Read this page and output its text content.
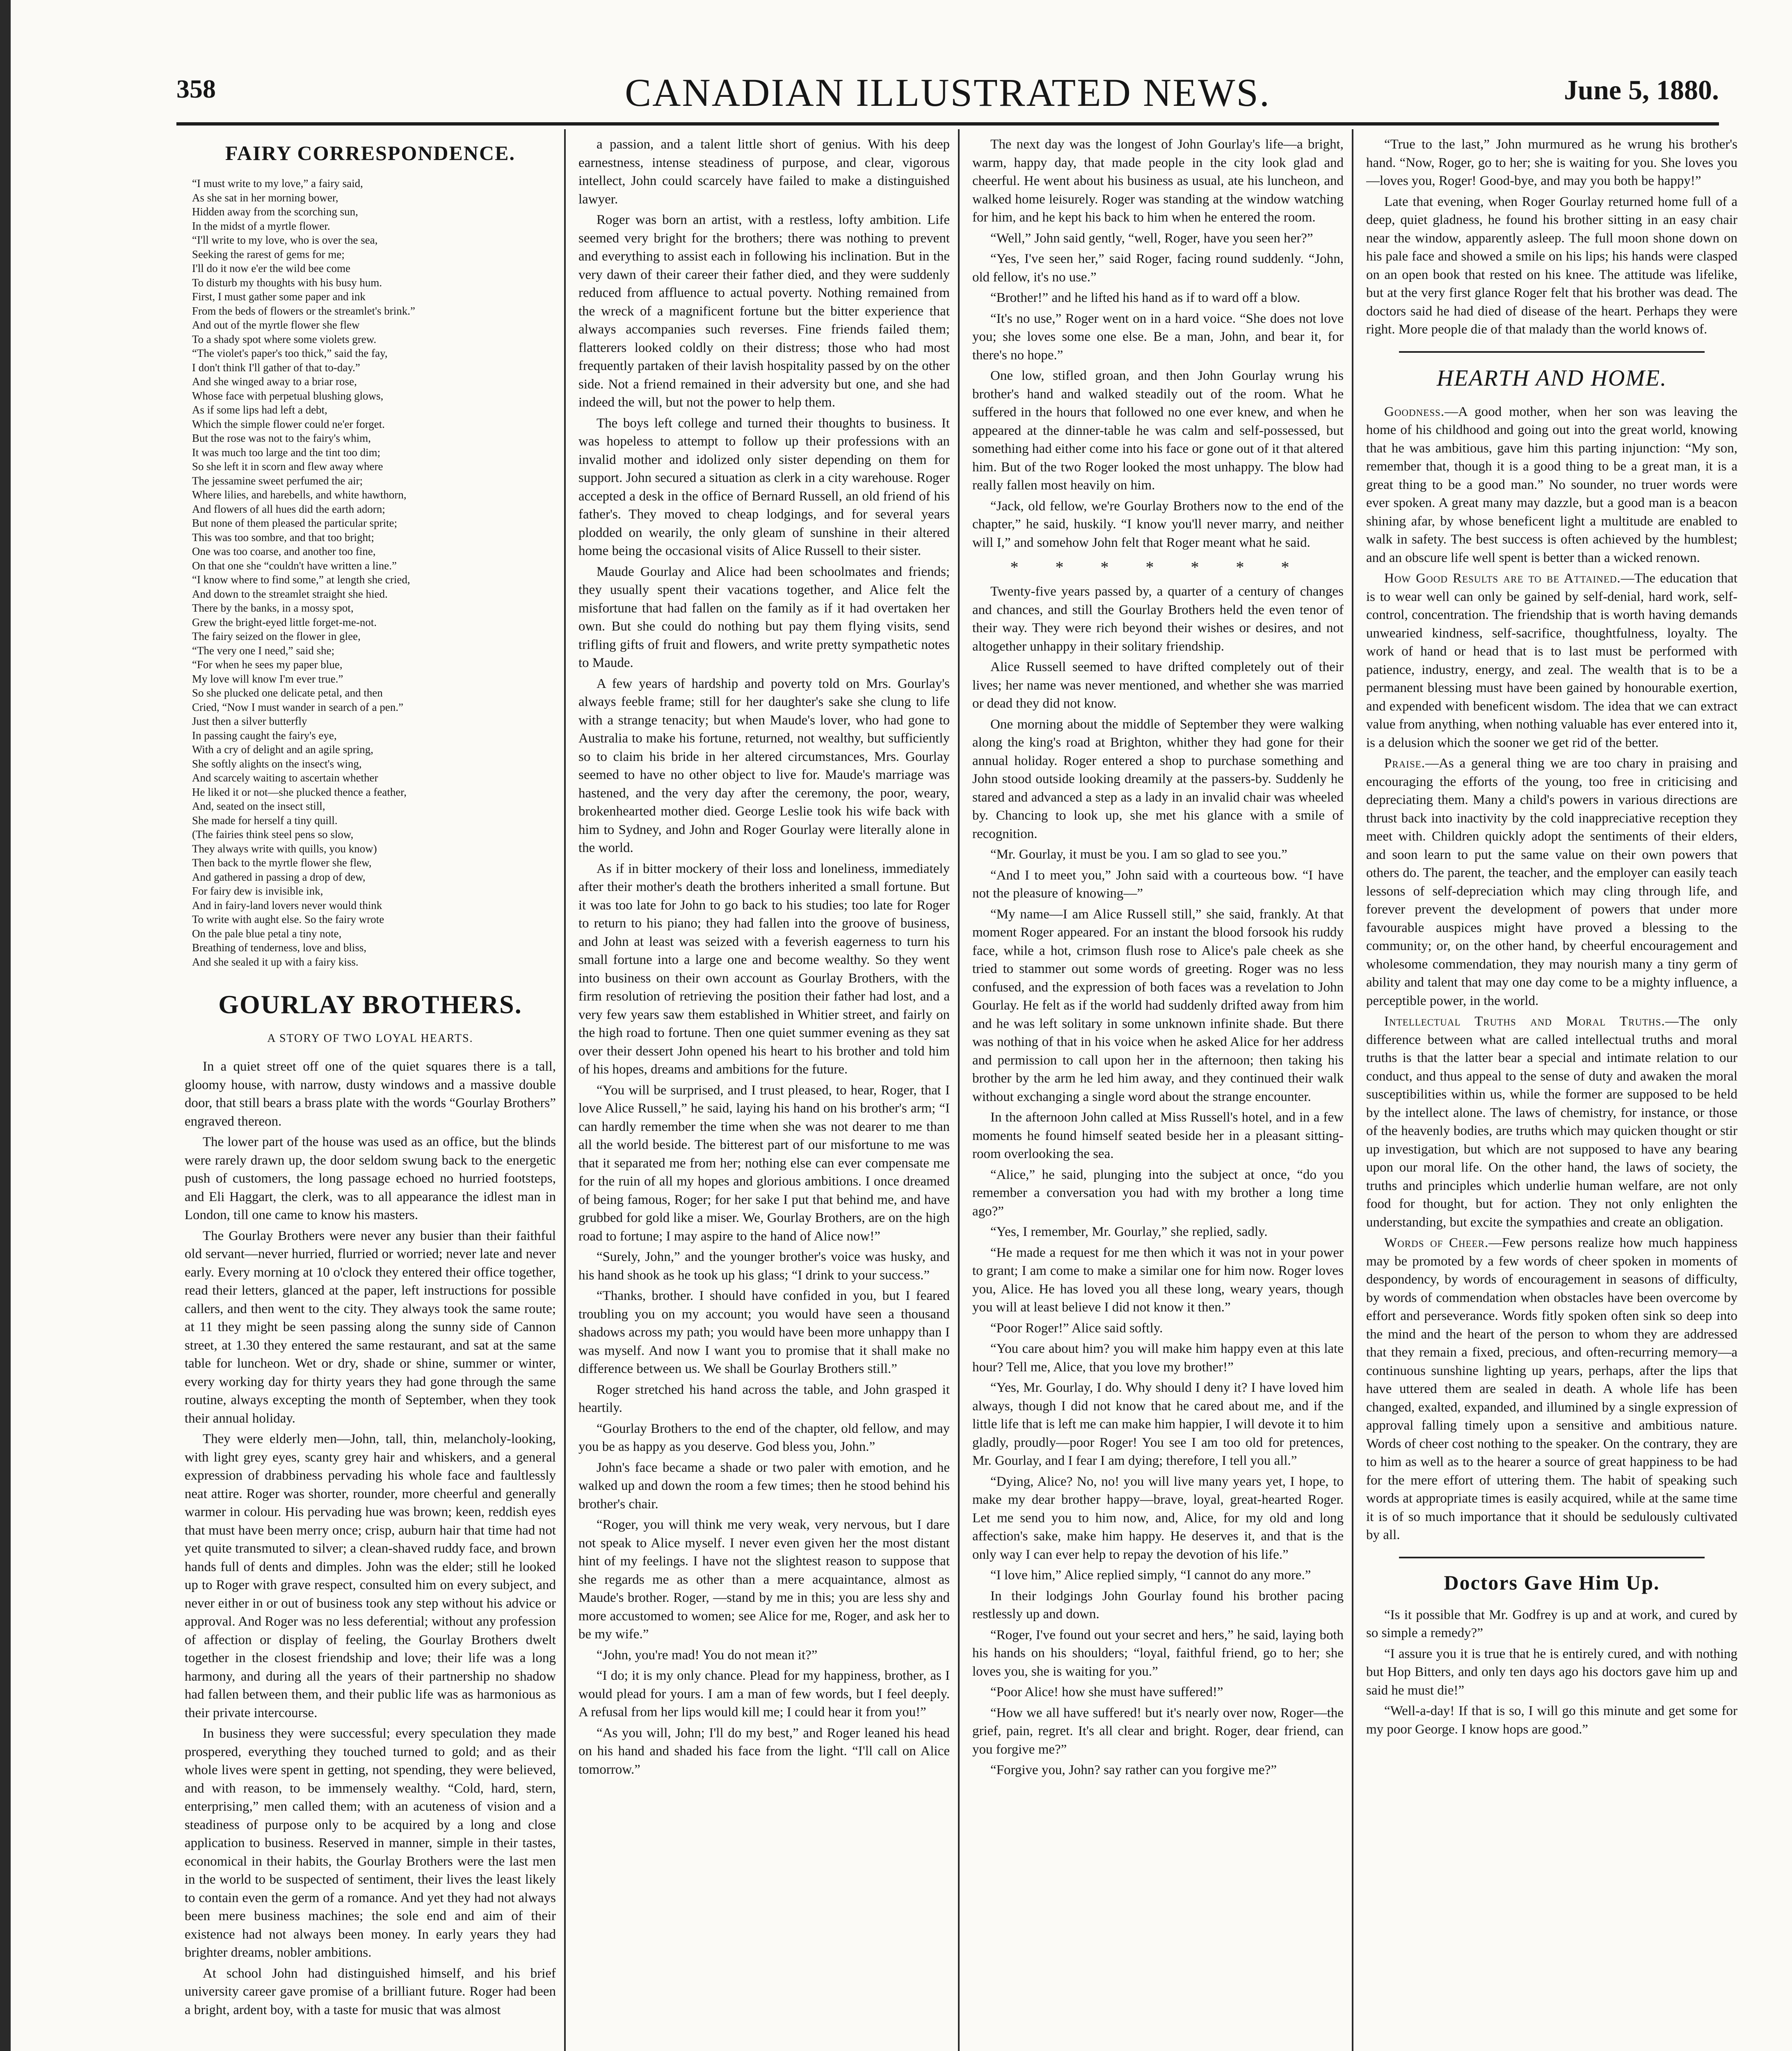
358	CANADIAN ILLUSTRATED NEWS.	June 5, 1880.
FAIRY CORRESPONDENCE.
“I must write to my love,” a fairy said,
As she sat in her morning bower,
Hidden away from the scorching sun,
In the midst of a myrtle flower.
“I'll write to my love, who is over the sea,
Seeking the rarest of gems for me;
I'll do it now e'er the wild bee come
To disturb my thoughts with his busy hum.
First, I must gather some paper and ink
From the beds of flowers or the streamlet's brink.”
And out of the myrtle flower she flew
To a shady spot where some violets grew.
“The violet's paper's too thick,” said the fay,
I don't think I'll gather of that to-day.”
And she winged away to a briar rose,
Whose face with perpetual blushing glows,
As if some lips had left a debt,
Which the simple flower could ne'er forget.
But the rose was not to the fairy's whim,
It was much too large and the tint too dim;
So she left it in scorn and flew away where
The jessamine sweet perfumed the air;
Where lilies, and harebells, and white hawthorn,
And flowers of all hues did the earth adorn;
But none of them pleased the particular sprite;
This was too sombre, and that too bright;
One was too coarse, and another too fine,
On that one she “couldn't have written a line.”
“I know where to find some,” at length she cried,
And down to the streamlet straight she hied.
There by the banks, in a mossy spot,
Grew the bright-eyed little forget-me-not.
The fairy seized on the flower in glee,
“The very one I need,” said she;
“For when he sees my paper blue,
My love will know I'm ever true.”
So she plucked one delicate petal, and then
Cried, “Now I must wander in search of a pen.”
Just then a silver butterfly
In passing caught the fairy's eye,
With a cry of delight and an agile spring,
She softly alights on the insect's wing,
And scarcely waiting to ascertain whether
He liked it or not—she plucked thence a feather,
And, seated on the insect still,
She made for herself a tiny quill.
(The fairies think steel pens so slow,
They always write with quills, you know)
Then back to the myrtle flower she flew,
And gathered in passing a drop of dew,
For fairy dew is invisible ink,
And in fairy-land lovers never would think
To write with aught else. So the fairy wrote
On the pale blue petal a tiny note,
Breathing of tenderness, love and bliss,
And she sealed it up with a fairy kiss.
GOURLAY BROTHERS.
A STORY OF TWO LOYAL HEARTS.

In a quiet street off one of the quiet squares there is a tall, gloomy house, with narrow, dusty windows and a massive double door, that still bears a brass plate with the words “Gourlay Brothers” engraved thereon.

The lower part of the house was used as an office, but the blinds were rarely drawn up, the door seldom swung back to the energetic push of customers, the long passage echoed no hurried footsteps, and Eli Haggart, the clerk, was to all appearance the idlest man in London, till one came to know his masters.

The Gourlay Brothers were never any busier than their faithful old servant—never hurried, flurried or worried; never late and never early. Every morning at 10 o'clock they entered their office together, read their letters, glanced at the paper, left instructions for possible callers, and then went to the city. They always took the same route; at 11 they might be seen passing along the sunny side of Cannon street, at 1.30 they entered the same restaurant, and sat at the same table for luncheon. Wet or dry, shade or shine, summer or winter, every working day for thirty years they had gone through the same routine, always excepting the month of September, when they took their annual holiday.

They were elderly men—John, tall, thin, melancholy-looking, with light grey eyes, scanty grey hair and whiskers, and a general expression of drabbiness pervading his whole face and faultlessly neat attire. Roger was shorter, rounder, more cheerful and generally warmer in colour. His pervading hue was brown; keen, reddish eyes that must have been merry once; crisp, auburn hair that time had not yet quite transmuted to silver; a clean-shaved ruddy face, and brown hands full of dents and dimples. John was the elder; still he looked up to Roger with grave respect, consulted him on every subject, and never either in or out of business took any step without his advice or approval. And Roger was no less deferential; without any profession of affection or display of feeling, the Gourlay Brothers dwelt together in the closest friendship and love; their life was a long harmony, and during all the years of their partnership no shadow had fallen between them, and their public life was as harmonious as their private intercourse.

In business they were successful; every speculation they made prospered, everything they touched turned to gold; and as their whole lives were spent in getting, not spending, they were believed, and with reason, to be immensely wealthy. “Cold, hard, stern, enterprising,” men called them; with an acuteness of vision and a steadiness of purpose only to be acquired by a long and close application to business. Reserved in manner, simple in their tastes, economical in their habits, the Gourlay Brothers were the last men in the world to be suspected of sentiment, their lives the least likely to contain even the germ of a romance. And yet they had not always been mere business machines; the sole end and aim of their existence had not always been money. In early years they had brighter dreams, nobler ambitions.

At school John had distinguished himself, and his brief university career gave promise of a brilliant future. Roger had been a bright, ardent boy, with a taste for music that was almost

a passion, and a talent little short of genius. With his deep earnestness, intense steadiness of purpose, and clear, vigorous intellect, John could scarcely have failed to make a distinguished lawyer.

Roger was born an artist, with a restless, lofty ambition. Life seemed very bright for the brothers; there was nothing to prevent and everything to assist each in following his inclination. But in the very dawn of their career their father died, and they were suddenly reduced from affluence to actual poverty. Nothing remained from the wreck of a magnificent fortune but the bitter experience that always accompanies such reverses. Fine friends failed them; flatterers looked coldly on their distress; those who had most frequently partaken of their lavish hospitality passed by on the other side. Not a friend remained in their adversity but one, and she had indeed the will, but not the power to help them.

The boys left college and turned their thoughts to business. It was hopeless to attempt to follow up their professions with an invalid mother and idolized only sister depending on them for support. John secured a situation as clerk in a city warehouse. Roger accepted a desk in the office of Bernard Russell, an old friend of his father's. They moved to cheap lodgings, and for several years plodded on wearily, the only gleam of sunshine in their altered home being the occasional visits of Alice Russell to their sister.

Maude Gourlay and Alice had been schoolmates and friends; they usually spent their vacations together, and Alice felt the misfortune that had fallen on the family as if it had overtaken her own. But she could do nothing but pay them flying visits, send trifling gifts of fruit and flowers, and write pretty sympathetic notes to Maude.

A few years of hardship and poverty told on Mrs. Gourlay's always feeble frame; still for her daughter's sake she clung to life with a strange tenacity; but when Maude's lover, who had gone to Australia to make his fortune, returned, not wealthy, but sufficiently so to claim his bride in her altered circumstances, Mrs. Gourlay seemed to have no other object to live for. Maude's marriage was hastened, and the very day after the ceremony, the poor, weary, brokenhearted mother died. George Leslie took his wife back with him to Sydney, and John and Roger Gourlay were literally alone in the world.

As if in bitter mockery of their loss and loneliness, immediately after their mother's death the brothers inherited a small fortune. But it was too late for John to go back to his studies; too late for Roger to return to his piano; they had fallen into the groove of business, and John at least was seized with a feverish eagerness to turn his small fortune into a large one and become wealthy. So they went into business on their own account as Gourlay Brothers, with the firm resolution of retrieving the position their father had lost, and a very few years saw them established in Whitier street, and fairly on the high road to fortune. Then one quiet summer evening as they sat over their dessert John opened his heart to his brother and told him of his hopes, dreams and ambitions for the future.

“You will be surprised, and I trust pleased, to hear, Roger, that I love Alice Russell,” he said, laying his hand on his brother's arm; “I can hardly remember the time when she was not dearer to me than all the world beside. The bitterest part of our misfortune to me was that it separated me from her; nothing else can ever compensate me for the ruin of all my hopes and glorious ambitions. I once dreamed of being famous, Roger; for her sake I put that behind me, and have grubbed for gold like a miser. We, Gourlay Brothers, are on the high road to fortune; I may aspire to the hand of Alice now!”

“Surely, John,” and the younger brother's voice was husky, and his hand shook as he took up his glass; “I drink to your success.”

“Thanks, brother. I should have confided in you, but I feared troubling you on my account; you would have seen a thousand shadows across my path; you would have been more unhappy than I was myself. And now I want you to promise that it shall make no difference between us. We shall be Gourlay Brothers still.”

Roger stretched his hand across the table, and John grasped it heartily.

“Gourlay Brothers to the end of the chapter, old fellow, and may you be as happy as you deserve. God bless you, John.”

John's face became a shade or two paler with emotion, and he walked up and down the room a few times; then he stood behind his brother's chair.

“Roger, you will think me very weak, very nervous, but I dare not speak to Alice myself. I never even given her the most distant hint of my feelings. I have not the slightest reason to suppose that she regards me as other than a mere acquaintance, almost as Maude's brother. Roger, —stand by me in this; you are less shy and more accustomed to women; see Alice for me, Roger, and ask her to be my wife.”

“John, you're mad! You do not mean it?”

“I do; it is my only chance. Plead for my happiness, brother, as I would plead for yours. I am a man of few words, but I feel deeply. A refusal from her lips would kill me; I could hear it from you!”

“As you will, John; I'll do my best,” and Roger leaned his head on his hand and shaded his face from the light. “I'll call on Alice tomorrow.”

The next day was the longest of John Gourlay's life—a bright, warm, happy day, that made people in the city look glad and cheerful. He went about his business as usual, ate his luncheon, and walked home leisurely. Roger was standing at the window watching for him, and he kept his back to him when he entered the room.

“Well,” John said gently, “well, Roger, have you seen her?”

“Yes, I've seen her,” said Roger, facing round suddenly. “John, old fellow, it's no use.”

“Brother!” and he lifted his hand as if to ward off a blow.

“It's no use,” Roger went on in a hard voice. “She does not love you; she loves some one else. Be a man, John, and bear it, for there's no hope.”

One low, stifled groan, and then John Gourlay wrung his brother's hand and walked steadily out of the room. What he suffered in the hours that followed no one ever knew, and when he appeared at the dinner-table he was calm and self-possessed, but something had either come into his face or gone out of it that altered him. But of the two Roger looked the most unhappy. The blow had really fallen most heavily on him.

“Jack, old fellow, we're Gourlay Brothers now to the end of the chapter,” he said, huskily. “I know you'll never marry, and neither will I,” and somehow John felt that Roger meant what he said.

* * * * * * *

Twenty-five years passed by, a quarter of a century of changes and chances, and still the Gourlay Brothers held the even tenor of their way. They were rich beyond their wishes or desires, and not altogether unhappy in their solitary friendship.

Alice Russell seemed to have drifted completely out of their lives; her name was never mentioned, and whether she was married or dead they did not know.

One morning about the middle of September they were walking along the king's road at Brighton, whither they had gone for their annual holiday. Roger entered a shop to purchase something and John stood outside looking dreamily at the passers-by. Suddenly he stared and advanced a step as a lady in an invalid chair was wheeled by. Chancing to look up, she met his glance with a smile of recognition.

“Mr. Gourlay, it must be you. I am so glad to see you.”

“And I to meet you,” John said with a courteous bow. “I have not the pleasure of knowing—”

“My name—I am Alice Russell still,” she said, frankly. At that moment Roger appeared. For an instant the blood forsook his ruddy face, while a hot, crimson flush rose to Alice's pale cheek as she tried to stammer out some words of greeting. Roger was no less confused, and the expression of both faces was a revelation to John Gourlay. He felt as if the world had suddenly drifted away from him and he was left solitary in some unknown infinite shade. But there was nothing of that in his voice when he asked Alice for her address and permission to call upon her in the afternoon; then taking his brother by the arm he led him away, and they continued their walk without exchanging a single word about the strange encounter.

In the afternoon John called at Miss Russell's hotel, and in a few moments he found himself seated beside her in a pleasant sitting-room overlooking the sea.

“Alice,” he said, plunging into the subject at once, “do you remember a conversation you had with my brother a long time ago?”

“Yes, I remember, Mr. Gourlay,” she replied, sadly.

“He made a request for me then which it was not in your power to grant; I am come to make a similar one for him now. Roger loves you, Alice. He has loved you all these long, weary years, though you will at least believe I did not know it then.”

“Poor Roger!” Alice said softly.

“You care about him? you will make him happy even at this late hour? Tell me, Alice, that you love my brother!”

“Yes, Mr. Gourlay, I do. Why should I deny it? I have loved him always, though I did not know that he cared about me, and if the little life that is left me can make him happier, I will devote it to him gladly, proudly—poor Roger! You see I am too old for pretences, Mr. Gourlay, and I fear I am dying; therefore, I tell you all.”

“Dying, Alice? No, no! you will live many years yet, I hope, to make my dear brother happy—brave, loyal, great-hearted Roger. Let me send you to him now, and, Alice, for my old and long affection's sake, make him happy. He deserves it, and that is the only way I can ever help to repay the devotion of his life.”

“I love him,” Alice replied simply, “I cannot do any more.”

In their lodgings John Gourlay found his brother pacing restlessly up and down.

“Roger, I've found out your secret and hers,” he said, laying both his hands on his shoulders; “loyal, faithful friend, go to her; she loves you, she is waiting for you.”

“Poor Alice! how she must have suffered!”

“How we all have suffered! but it's nearly over now, Roger—the grief, pain, regret. It's all clear and bright. Roger, dear friend, can you forgive me?”

“Forgive you, John? say rather can you forgive me?”

“True to the last,” John murmured as he wrung his brother's hand. “Now, Roger, go to her; she is waiting for you. She loves you—loves you, Roger! Good-bye, and may you both be happy!”

Late that evening, when Roger Gourlay returned home full of a deep, quiet gladness, he found his brother sitting in an easy chair near the window, apparently asleep. The full moon shone down on his pale face and showed a smile on his lips; his hands were clasped on an open book that rested on his knee. The attitude was lifelike, but at the very first glance Roger felt that his brother was dead. The doctors said he had died of disease of the heart. Perhaps they were right. More people die of that malady than the world knows of.

HEARTH AND HOME.

Goodness.—A good mother, when her son was leaving the home of his childhood and going out into the great world, knowing that he was ambitious, gave him this parting injunction: “My son, remember that, though it is a good thing to be a great man, it is a great thing to be a good man.” No sounder, no truer words were ever spoken. A great many may dazzle, but a good man is a beacon shining afar, by whose beneficent light a multitude are enabled to walk in safety. The best success is often achieved by the humblest; and an obscure life well spent is better than a wicked renown.

How Good Results are to be Attained.—The education that is to wear well can only be gained by self-denial, hard work, self-control, concentration. The friendship that is worth having demands unwearied kindness, self-sacrifice, thoughtfulness, loyalty. The work of hand or head that is to last must be performed with patience, industry, energy, and zeal. The wealth that is to be a permanent blessing must have been gained by honourable exertion, and expended with beneficent wisdom. The idea that we can extract value from anything, when nothing valuable has ever entered into it, is a delusion which the sooner we get rid of the better.

Praise.—As a general thing we are too chary in praising and encouraging the efforts of the young, too free in criticising and depreciating them. Many a child's powers in various directions are thrust back into inactivity by the cold inappreciative reception they meet with. Children quickly adopt the sentiments of their elders, and soon learn to put the same value on their own powers that others do. The parent, the teacher, and the employer can easily teach lessons of self-depreciation which may cling through life, and forever prevent the development of powers that under more favourable auspices might have proved a blessing to the community; or, on the other hand, by cheerful encouragement and wholesome commendation, they may nourish many a tiny germ of ability and talent that may one day come to be a mighty influence, a perceptible power, in the world.

Intellectual Truths and Moral Truths.—The only difference between what are called intellectual truths and moral truths is that the latter bear a special and intimate relation to our conduct, and thus appeal to the sense of duty and awaken the moral susceptibilities within us, while the former are supposed to be held by the intellect alone. The laws of chemistry, for instance, or those of the heavenly bodies, are truths which may quicken thought or stir up investigation, but which are not supposed to have any bearing upon our moral life. On the other hand, the laws of society, the truths and principles which underlie human welfare, are not only food for thought, but for action. They not only enlighten the understanding, but excite the sympathies and create an obligation.

Words of Cheer.—Few persons realize how much happiness may be promoted by a few words of cheer spoken in moments of despondency, by words of encouragement in seasons of difficulty, by words of commendation when obstacles have been overcome by effort and perseverance. Words fitly spoken often sink so deep into the mind and the heart of the person to whom they are addressed that they remain a fixed, precious, and often-recurring memory—a continuous sunshine lighting up years, perhaps, after the lips that have uttered them are sealed in death. A whole life has been changed, exalted, expanded, and illumined by a single expression of approval falling timely upon a sensitive and ambitious nature. Words of cheer cost nothing to the speaker. On the contrary, they are to him as well as to the hearer a source of great happiness to be had for the mere effort of uttering them. The habit of speaking such words at appropriate times is easily acquired, while at the same time it is of so much importance that it should be sedulously cultivated by all.

Doctors Gave Him Up.

“Is it possible that Mr. Godfrey is up and at work, and cured by so simple a remedy?”

“I assure you it is true that he is entirely cured, and with nothing but Hop Bitters, and only ten days ago his doctors gave him up and said he must die!”

“Well-a-day! If that is so, I will go this minute and get some for my poor George. I know hops are good.”
